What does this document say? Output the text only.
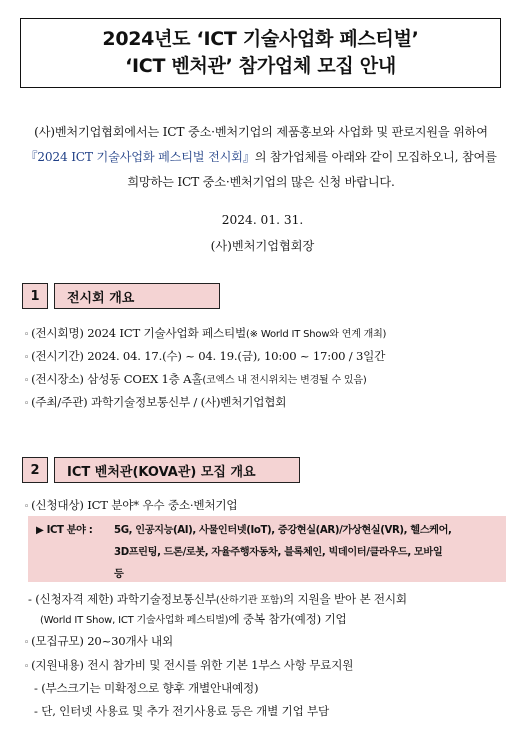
2024년도 ‘ICT 기술사업화 페스티벌’
‘ICT 벤처관’ 참가업체 모집 안내
(사)벤처기업협회에서는 ICT 중소·벤처기업의 제품홍보와 사업화 및 판로지원을 위하여 『2024 ICT 기술사업화 페스티벌 전시회』의 참가업체를 아래와 같이 모집하오니, 참여를 희망하는 ICT 중소·벤처기업의 많은 신청 바랍니다.
2024. 01. 31.
(사)벤처기업협회장
1	전시회 개요
◦ (전시회명) 2024 ICT 기술사업화 페스티벌(※ World IT Show와 연계 개최)
◦ (전시기간) 2024. 04. 17.(수) ~ 04. 19.(금), 10:00 ~ 17:00 / 3일간
◦ (전시장소) 삼성동 COEX 1층 A홀(코엑스 내 전시위치는 변경될 수 있음)
◦ (주최/주관) 과학기술정보통신부 / (사)벤처기업협회
2	ICT 벤처관(KOVA관) 모집 개요
◦ (신청대상) ICT 분야* 우수 중소·벤처기업
▶ ICT 분야 : 5G, 인공지능(AI), 사물인터넷(IoT), 증강현실(AR)/가상현실(VR), 헬스케어,
3D프린팅, 드론/로봇, 자율주행자동차, 블록체인, 빅데이터/클라우드, 모바일
등
- (신청자격 제한) 과학기술정보통신부(산하기관 포함)의 지원을 받아 본 전시회
(World IT Show, ICT 기술사업화 페스티벌)에 중복 참가(예정) 기업
◦ (모집규모) 20~30개사 내외
◦ (지원내용) 전시 참가비 및 전시를 위한 기본 1부스 사항 무료지원
- (부스크기는 미확정으로 향후 개별안내예정)
- 단, 인터넷 사용료 및 추가 전기사용료 등은 개별 기업 부담
